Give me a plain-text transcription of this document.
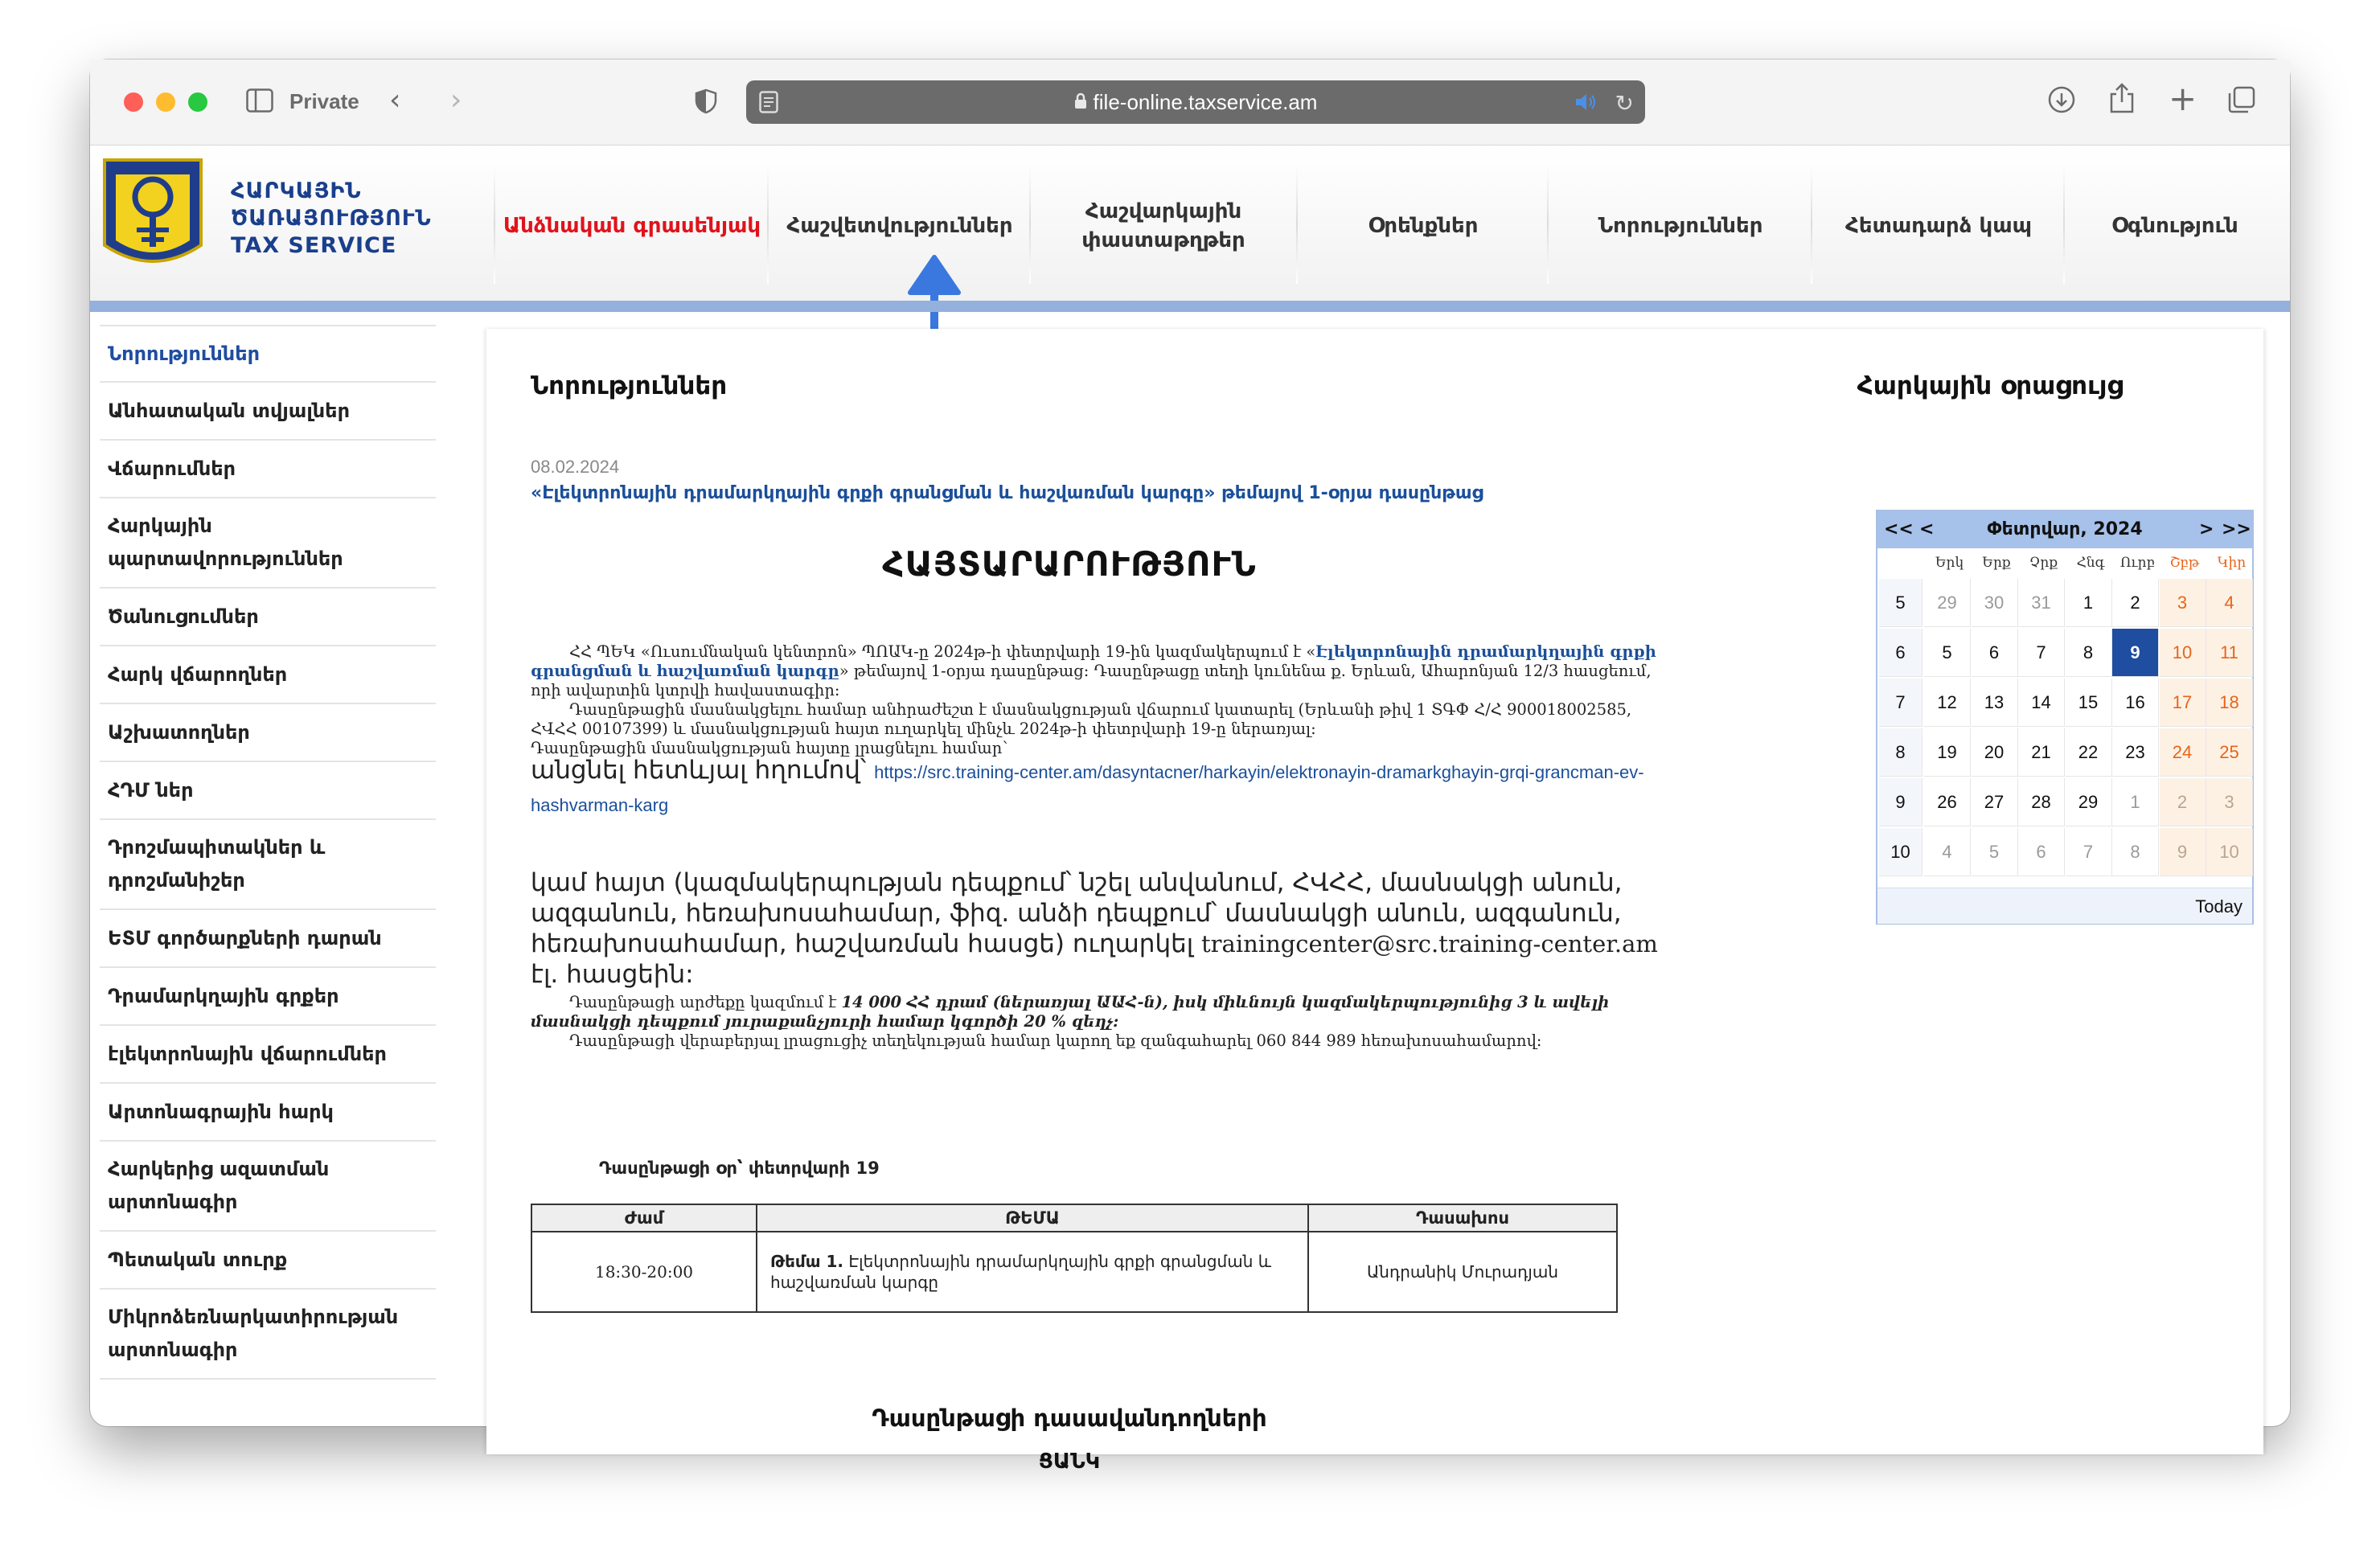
Private ‹ ›	file-online.taxservice.am	↻	+
ՀԱՐԿԱՅԻՆ
ԾԱՌԱՅՈՒԹՅՈՒՆ
TAX SERVICE
Անձնական գրասենյակ	Հաշվետվություններ
Հաշվարկային փաստաթղթեր
Օրենքներ	Նորություններ	Հետադարձ կապ	Օգնություն
Նորություններ
Անհատական տվյալներ
Վճարումներ
Հարկային պարտավորություններ
Ծանուցումներ
Հարկ վճարողներ
Աշխատողներ
ՀԴՄ ներ
Դրոշմապիտակներ և դրոշմանիշեր
ԵՏՄ գործարքների դարան
Դրամարկղային գրքեր
էլեկտրոնային վճարումներ
Արտոնագրային հարկ
Հարկերից ազատման արտոնագիր
Պետական տուրք
Միկրոձեռնարկատիրության արտոնագիր
Նորություններ
08.02.2024
«Էլեկտրոնային դրամարկղային գրքի գրանցման և հաշվառման կարգը» թեմայով 1-օրյա դասընթաց
ՀԱՅՏԱՐԱՐՈՒԹՅՈՒՆ
ՀՀ ՊԵԿ «Ուսումնական կենտրոն» ՊՈԱԿ-ը 2024թ-ի փետրվարի 19-ին կազմակերպում է «Էլեկտրոնային դրամարկղային գրքի գրանցման և հաշվառման կարգը» թեմայով 1-օրյա դասընթաց: Դասընթացը տեղի կունենա ք. Երևան, Ահարոնյան 12/3 հասցեում, որի ավարտին կտրվի հավաստագիր:
Դասընթացին մասնակցելու համար անհրաժեշտ է մասնակցության վճարում կատարել (Երևանի թիվ 1 ՏԳՓ Հ/Հ 900018002585, ՀՎՀՀ 00107399) և մասնակցության հայտ ուղարկել մինչև 2024թ-ի փետրվարի 19-ը ներառյալ:
Դասընթացին մասնակցության հայտը լրացնելու համար՝
անցնել հետևյալ հղումով՝ https://src.training-center.am/dasyntacner/harkayin/elektronayin-dramarkghayin-grqi-grancman-ev-hashvarman-karg
կամ հայտ (կազմակերպության դեպքում՝ նշել անվանում, ՀՎՀՀ, մասնակցի անուն, ազգանուն, հեռախոսահամար, ֆիզ. անձի դեպքում՝ մասնակցի անուն, ազգանուն, հեռախոսահամար, հաշվառման հասցե) ուղարկել trainingcenter@src.training-center.am էլ. հասցեին:
Դասընթացի արժեքը կազմում է 14 000 ՀՀ դրամ (ներառյալ ԱԱՀ-ն), իսկ միևնույն կազմակերպությունից 3 և ավելի մասնակցի դեպքում յուրաքանչյուրի համար կգործի 20 % զեղչ:
Դասընթացի վերաբերյալ լրացուցիչ տեղեկության համար կարող եք զանգահարել 060 844 989 հեռախոսահամարով:
Դասընթացի օր՝ փետրվարի 19
Ժամ	ԹԵՄԱ	Դասախոս
18:30-20:00	Թեմա 1. Էլեկտրոնային դրամարկղային գրքի գրանցման և հաշվառման կարգը	Անդրանիկ Մուրադյան
Դասընթացի դասավանդողների
ՑԱՆԿ
Հարկային օրացույց
<< <	Փետրվար, 2024	> >>
Երկ	Երք	Չրք	Հնգ	Ուրբ	Շբթ	Կիր
5	29	30	31	1	2	3	4
6	5	6	7	8	9	10	11
7	12	13	14	15	16	17	18
8	19	20	21	22	23	24	25
9	26	27	28	29	1	2	3
10	4	5	6	7	8	9	10
Today
